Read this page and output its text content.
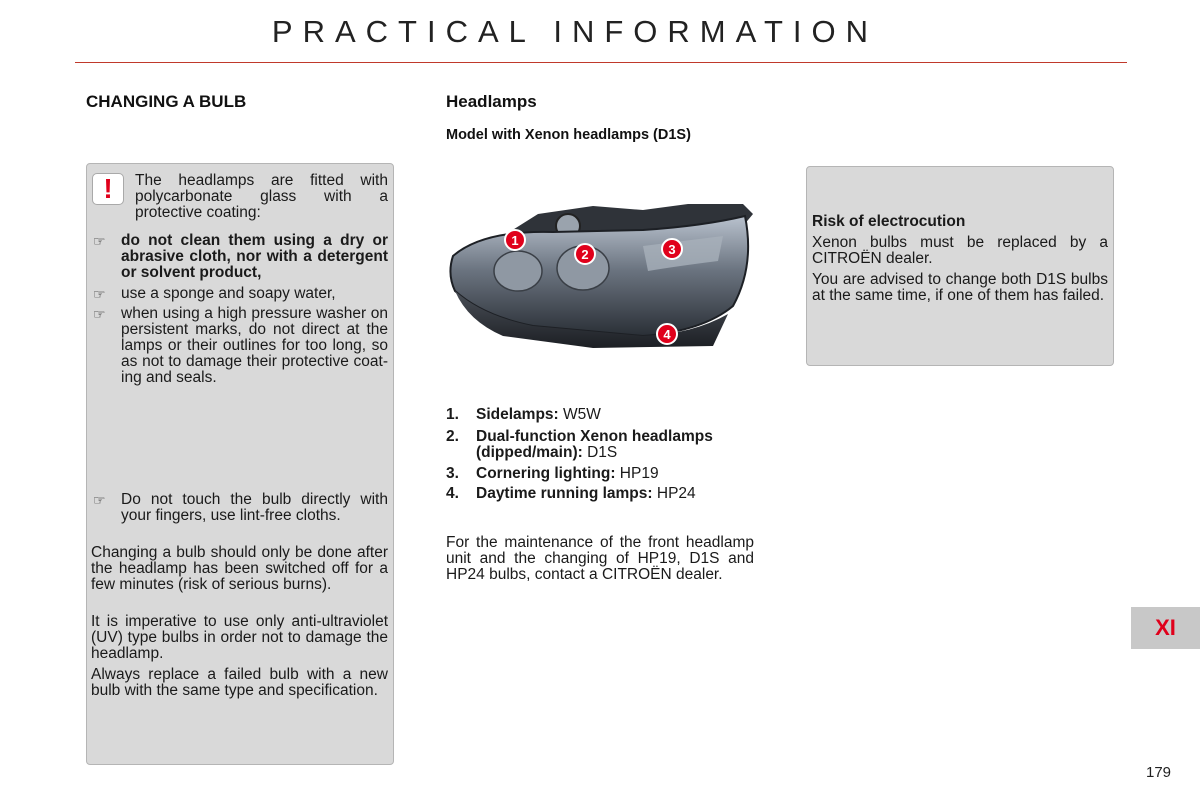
PRACTICAL INFORMATION
CHANGING A BULB
!	The headlamps are fitted with polycarbonate glass with a protective coating:
☞ do not clean them using a dry or abrasive cloth, nor with a detergent or solvent product,
☞ use a sponge and soapy water,
☞ when using a high pressure washer on persistent marks, do not direct at the lamps or their outlines for too long, so as not to damage their protective coat-ing and seals.
☞ Do not touch the bulb directly with your fingers, use lint-free cloths.
Changing a bulb should only be done after the headlamp has been switched off for a few minutes (risk of serious burns).
It is imperative to use only anti-ultraviolet (UV) type bulbs in order not to damage the headlamp.
Always replace a failed bulb with a new bulb with the same type and specification.
Headlamps
Model with Xenon headlamps (D1S)
1
2	3
4
1. Sidelamps: W5W
2. Dual-function Xenon headlamps (dipped/main): D1S
3. Cornering lighting: HP19
4. Daytime running lamps: HP24
For the maintenance of the front headlamp unit and the changing of HP19, D1S and HP24 bulbs, contact a CITROËN dealer.
Risk of electrocution
Xenon bulbs must be replaced by a CITROËN dealer.
You are advised to change both D1S bulbs at the same time, if one of them has failed.
XI
179
